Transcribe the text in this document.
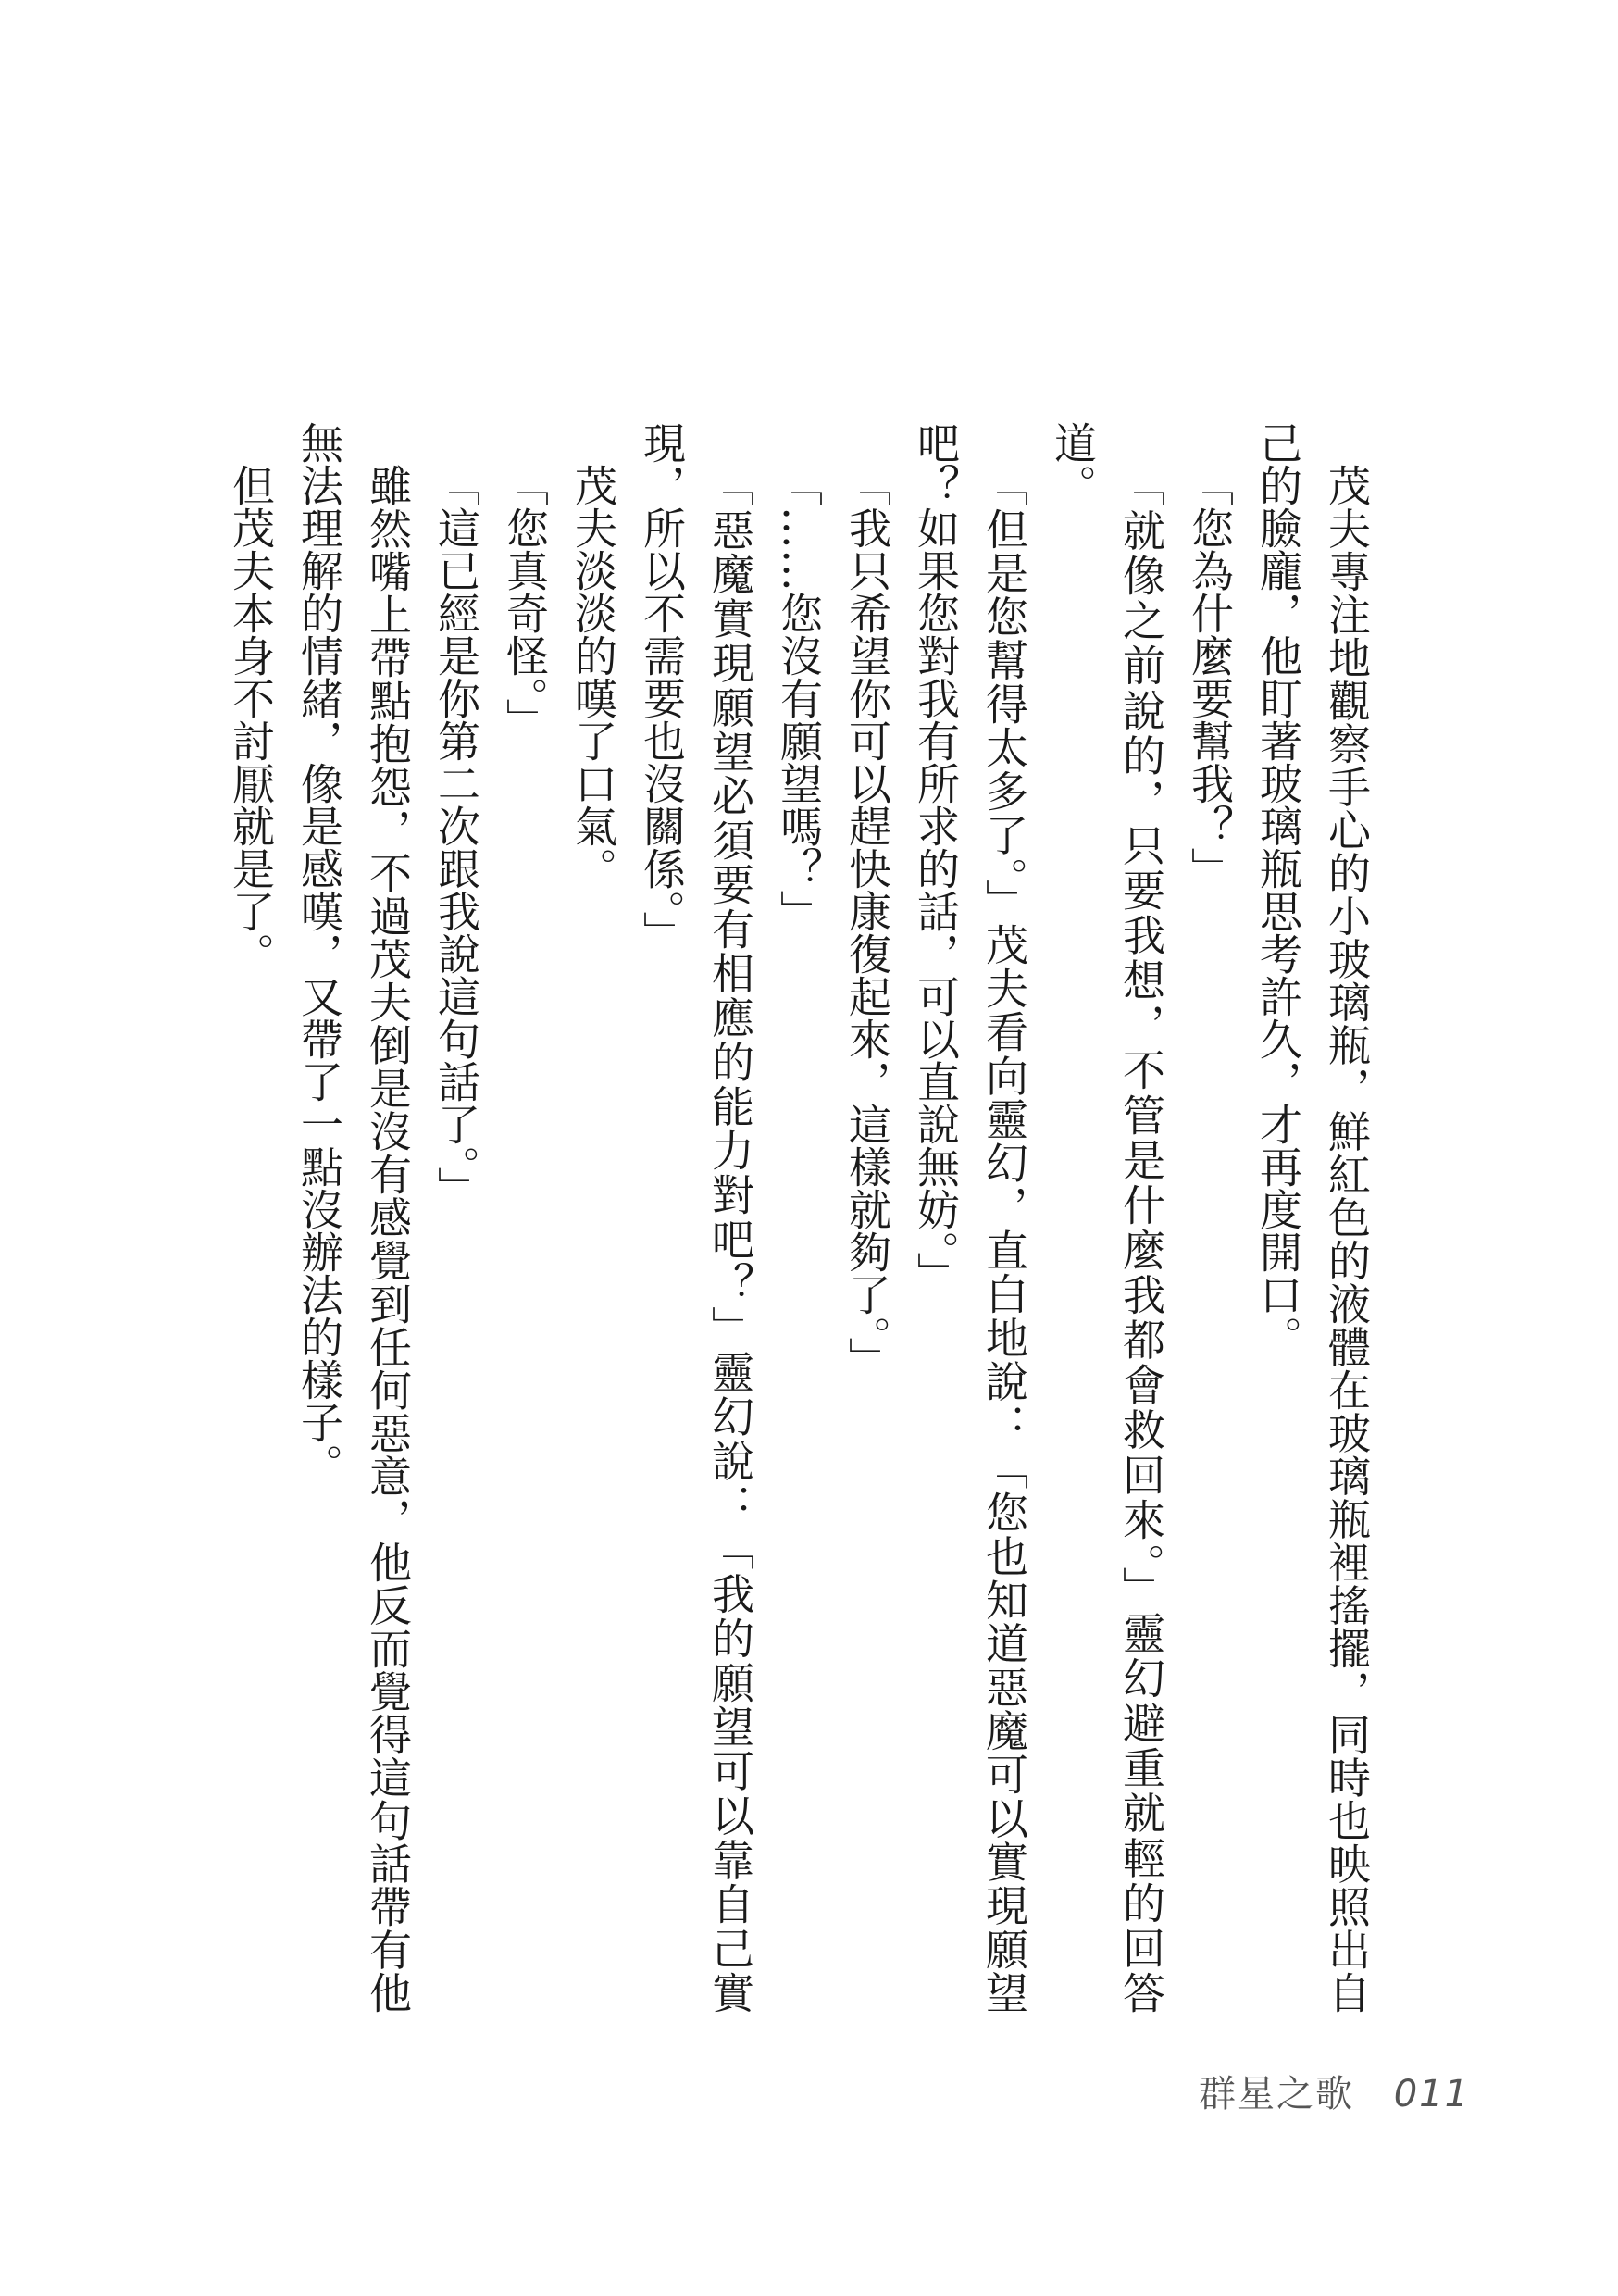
茂夫專注地觀察手心的小玻璃瓶，鮮紅色的液體在玻璃瓶裡搖擺，同時也映照出自己的臉龐，他盯著玻璃瓶思考許久，才再度開口。

「您為什麼要幫我？」

「就像之前說的，只要我想，不管是什麼我都會救回來。」靈幻避重就輕的回答道。

「但是您幫得太多了。」茂夫看向靈幻，直白地說：「您也知道惡魔可以實現願望吧？如果您對我有所求的話，可以直說無妨。」

「我只希望你可以趕快康復起來，這樣就夠了。」

「……您沒有願望嗎？」

「惡魔實現願望必須要有相應的能力對吧？」靈幻說：「我的願望可以靠自己實現，所以不需要也沒關係。」

茂夫淡淡的嘆了口氣。

「您真奇怪。」

「這已經是你第二次跟我說這句話了。」

雖然嘴上帶點抱怨，不過茂夫倒是沒有感覺到任何惡意，他反而覺得這句話帶有他無法理解的情緒，像是感嘆，又帶了一點沒辦法的樣子。

但茂夫本身不討厭就是了。

群星之歌 011
